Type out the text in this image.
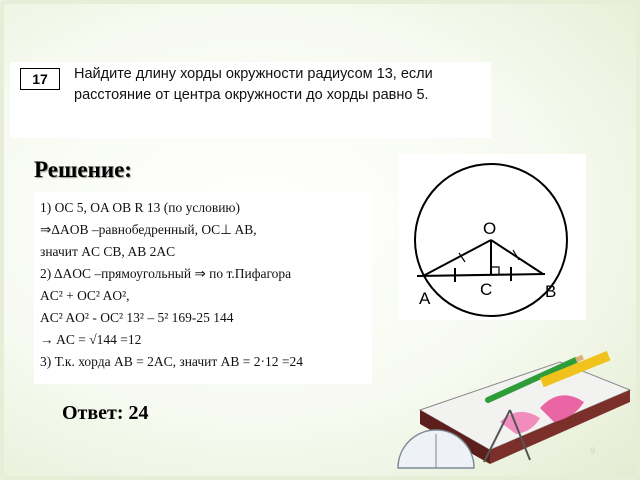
17	Найдите длину хорды окружности радиусом 13, если
расстояние от центра окружности до хорды равно 5.
Решение:
1) OC 5, OA OB R 13 (по условию)
⇒ΔAOB –равнобедренный, OC⊥ AB,
значит AC CB, AB 2AC
2) ΔAOC –прямоугольный ⇒ по т.Пифагора
AC² + OC² AO²,
AC² AO² - OC² 13² – 5² 169-25 144
→ AC = √144 =12
3) Т.к. хорда AB = 2AC, значит AB = 2·12 =24
O
A	B
C
Ответ: 24
9
